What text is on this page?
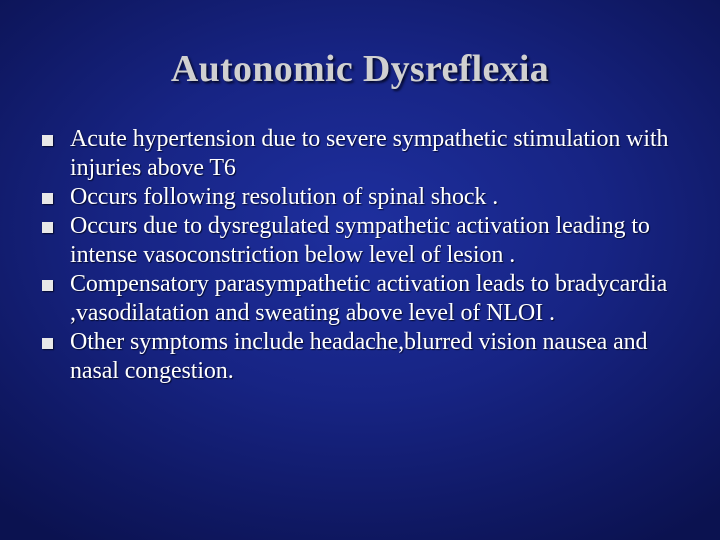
Autonomic Dysreflexia
Acute hypertension due to severe sympathetic stimulation with injuries above T6
Occurs following resolution of spinal shock .
Occurs due to dysregulated sympathetic activation leading to intense vasoconstriction below level of lesion .
Compensatory parasympathetic activation leads to bradycardia ,vasodilatation and sweating above level of NLOI .
Other symptoms include headache,blurred vision nausea and nasal congestion.
